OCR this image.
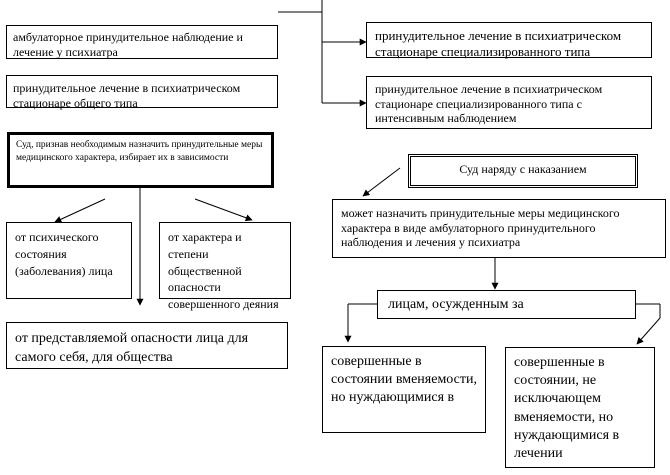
амбулаторное принудительное наблюдение и лечение у психиатра
принудительное лечение в психиатрическом стационаре общего типа
принудительное лечение в психиатрическом стационаре специализированного типа
принудительное лечение в психиатрическом стационаре специализированного типа с интенсивным наблюдением
Суд, признав необходимым назначить принудительные меры медицинского характера, избирает их в зависимости
от психического состояния (заболевания) лица
от характера и степени общественной опасности совершенного деяния
от представляемой опасности лица для самого себя, для общества
Суд наряду с наказанием
может назначить принудительные меры медицинского характера в виде амбулаторного принудительного наблюдения и лечения у психиатра
лицам, осужденным за
совершенные в состоянии вменяемости, но нуждающимися в
совершенные в состоянии, не исключающем вменяемости, но нуждающимися в лечении
